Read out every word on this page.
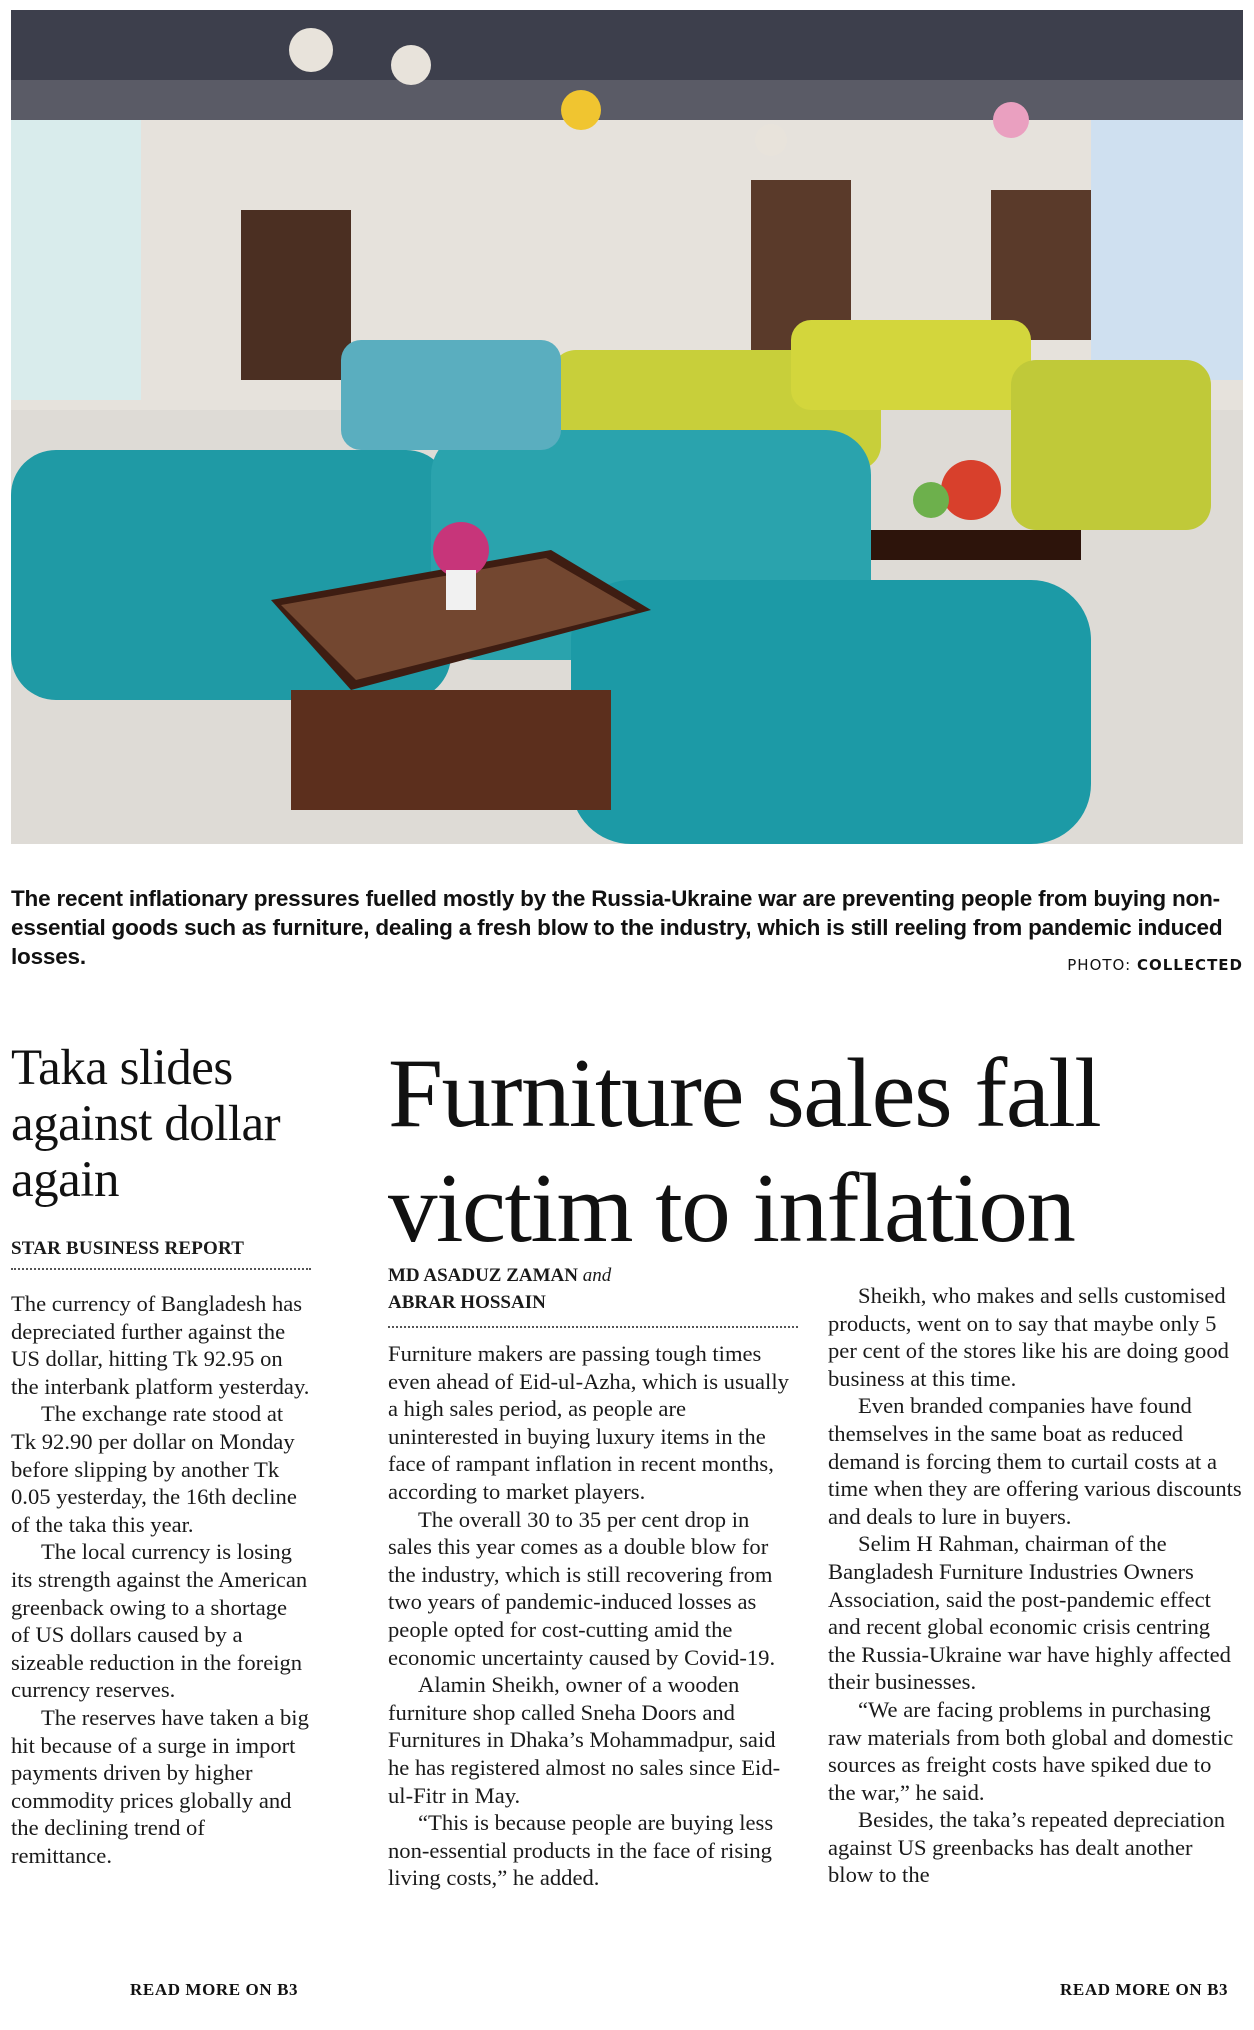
The recent inflationary pressures fuelled mostly by the Russia-Ukraine war are preventing people from buying non-essential goods such as furniture, dealing a fresh blow to the industry, which is still reeling from pandemic induced losses.	PHOTO: COLLECTED
Taka slides against dollar again
STAR BUSINESS REPORT

The currency of Bangladesh has depreciated further against the US dollar, hitting Tk 92.95 on the interbank platform yesterday.

The exchange rate stood at Tk 92.90 per dollar on Monday before slipping by another Tk 0.05 yesterday, the 16th decline of the taka this year.

The local currency is losing its strength against the American greenback owing to a shortage of US dollars caused by a sizeable reduction in the foreign currency reserves.

The reserves have taken a big hit because of a surge in import payments driven by higher commodity prices globally and the declining trend of remittance.

READ MORE ON B3
Furniture sales fall victim to inflation
MD ASADUZ ZAMAN and
ABRAR HOSSAIN

Furniture makers are passing tough times even ahead of Eid-ul-Azha, which is usually a high sales period, as people are uninterested in buying luxury items in the face of rampant inflation in recent months, according to market players.

The overall 30 to 35 per cent drop in sales this year comes as a double blow for the industry, which is still recovering from two years of pandemic-induced losses as people opted for cost-cutting amid the economic uncertainty caused by Covid-19.

Alamin Sheikh, owner of a wooden furniture shop called Sneha Doors and Furnitures in Dhaka’s Mohammadpur, said he has registered almost no sales since Eid-ul-Fitr in May.

“This is because people are buying less non-essential products in the face of rising living costs,” he added.

Sheikh, who makes and sells customised products, went on to say that maybe only 5 per cent of the stores like his are doing good business at this time.

Even branded companies have found themselves in the same boat as reduced demand is forcing them to curtail costs at a time when they are offering various discounts and deals to lure in buyers.

Selim H Rahman, chairman of the Bangladesh Furniture Industries Owners Association, said the post-pandemic effect and recent global economic crisis centring the Russia-Ukraine war have highly affected their businesses.

“We are facing problems in purchasing raw materials from both global and domestic sources as freight costs have spiked due to the war,” he said.

Besides, the taka’s repeated depreciation against US greenbacks has dealt another blow to the

READ MORE ON B3
